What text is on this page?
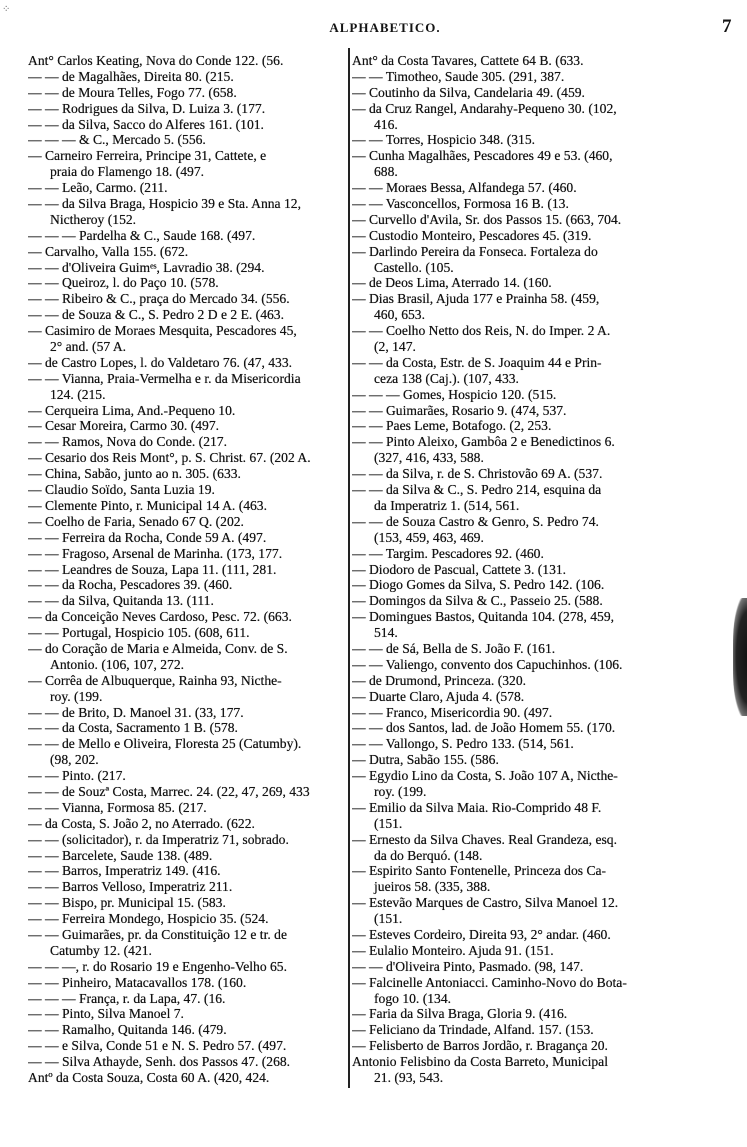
⁘
ALPHABETICO.	7
Ant° Carlos Keating, Nova do Conde 122. (56.
— — de Magalhães, Direita 80. (215.
— — de Moura Telles, Fogo 77. (658.
— — Rodrigues da Silva, D. Luiza 3. (177.
— — da Silva, Sacco do Alferes 161. (101.
— — — & C., Mercado 5. (556.
— Carneiro Ferreira, Principe 31, Cattete, e
praia do Flamengo 18. (497.
— — Leão, Carmo. (211.
— — da Silva Braga, Hospicio 39 e Sta. Anna 12,
Nictheroy (152.
— — — Pardelha & C., Saude 168. (497.
— Carvalho, Valla 155. (672.
— — d'Oliveira Guimᵉˢ, Lavradio 38. (294.
— — Queiroz, l. do Paço 10. (578.
— — Ribeiro & C., praça do Mercado 34. (556.
— — de Souza & C., S. Pedro 2 D e 2 E. (463.
— Casimiro de Moraes Mesquita, Pescadores 45,
2° and. (57 A.
— de Castro Lopes, l. do Valdetaro 76. (47, 433.
— — Vianna, Praia-Vermelha e r. da Misericordia
124. (215.
— Cerqueira Lima, And.-Pequeno 10.
— Cesar Moreira, Carmo 30. (497.
— — Ramos, Nova do Conde. (217.
— Cesario dos Reis Mont°, p. S. Christ. 67. (202 A.
— China, Sabão, junto ao n. 305. (633.
— Claudio Soïdo, Santa Luzia 19.
— Clemente Pinto, r. Municipal 14 A. (463.
— Coelho de Faria, Senado 67 Q. (202.
— — Ferreira da Rocha, Conde 59 A. (497.
— — Fragoso, Arsenal de Marinha. (173, 177.
— — Leandres de Souza, Lapa 11. (111, 281.
— — da Rocha, Pescadores 39. (460.
— — da Silva, Quitanda 13. (111.
— da Conceição Neves Cardoso, Pesc. 72. (663.
— — Portugal, Hospicio 105. (608, 611.
— do Coração de Maria e Almeida, Conv. de S.
Antonio. (106, 107, 272.
— Corrêa de Albuquerque, Rainha 93, Nicthe-
roy. (199.
— — de Brito, D. Manoel 31. (33, 177.
— — da Costa, Sacramento 1 B. (578.
— — de Mello e Oliveira, Floresta 25 (Catumby).
(98, 202.
— — Pinto. (217.
— — de Souzª Costa, Marrec. 24. (22, 47, 269, 433
— — Vianna, Formosa 85. (217.
— da Costa, S. João 2, no Aterrado. (622.
— — (solicitador), r. da Imperatriz 71, sobrado.
— — Barcelete, Saude 138. (489.
— — Barros, Imperatriz 149. (416.
— — Barros Velloso, Imperatriz 211.
— — Bispo, pr. Municipal 15. (583.
— — Ferreira Mondego, Hospicio 35. (524.
— — Guimarães, pr. da Constituição 12 e tr. de
Catumby 12. (421.
— — —, r. do Rosario 19 e Engenho-Velho 65.
— — Pinheiro, Matacavallos 178. (160.
— — — França, r. da Lapa, 47. (16.
— — Pinto, Silva Manoel 7.
— — Ramalho, Quitanda 146. (479.
— — e Silva, Conde 51 e N. S. Pedro 57. (497.
— — Silva Athayde, Senh. dos Passos 47. (268.
Antº da Costa Souza, Costa 60 A. (420, 424.
Ant° da Costa Tavares, Cattete 64 B. (633.
— — Timotheo, Saude 305. (291, 387.
— Coutinho da Silva, Candelaria 49. (459.
— da Cruz Rangel, Andarahy-Pequeno 30. (102,
416.
— — Torres, Hospicio 348. (315.
— Cunha Magalhães, Pescadores 49 e 53. (460,
688.
— — Moraes Bessa, Alfandega 57. (460.
— — Vasconcellos, Formosa 16 B. (13.
— Curvello d'Avila, Sr. dos Passos 15. (663, 704.
— Custodio Monteiro, Pescadores 45. (319.
— Darlindo Pereira da Fonseca. Fortaleza do
Castello. (105.
— de Deos Lima, Aterrado 14. (160.
— Dias Brasil, Ajuda 177 e Prainha 58. (459,
460, 653.
— — Coelho Netto dos Reis, N. do Imper. 2 A.
(2, 147.
— — da Costa, Estr. de S. Joaquim 44 e Prin-
ceza 138 (Caj.). (107, 433.
— — — Gomes, Hospicio 120. (515.
— — Guimarães, Rosario 9. (474, 537.
— — Paes Leme, Botafogo. (2, 253.
— — Pinto Aleixo, Gambôa 2 e Benedictinos 6.
(327, 416, 433, 588.
— — da Silva, r. de S. Christovão 69 A. (537.
— — da Silva & C., S. Pedro 214, esquina da
da Imperatriz 1. (514, 561.
— — de Souza Castro & Genro, S. Pedro 74.
(153, 459, 463, 469.
— — Targim. Pescadores 92. (460.
— Diodoro de Pascual, Cattete 3. (131.
— Diogo Gomes da Silva, S. Pedro 142. (106.
— Domingos da Silva & C., Passeio 25. (588.
— Domingues Bastos, Quitanda 104. (278, 459,
514.
— — de Sá, Bella de S. João F. (161.
— — Valiengo, convento dos Capuchinhos. (106.
— de Drumond, Princeza. (320.
— Duarte Claro, Ajuda 4. (578.
— — Franco, Misericordia 90. (497.
— — dos Santos, lad. de João Homem 55. (170.
— — Vallongo, S. Pedro 133. (514, 561.
— Dutra, Sabão 155. (586.
— Egydio Lino da Costa, S. João 107 A, Nicthe-
roy. (199.
— Emilio da Silva Maia. Rio-Comprido 48 F.
(151.
— Ernesto da Silva Chaves. Real Grandeza, esq.
da do Berquó. (148.
— Espirito Santo Fontenelle, Princeza dos Ca-
jueiros 58. (335, 388.
— Estevão Marques de Castro, Silva Manoel 12.
(151.
— Esteves Cordeiro, Direita 93, 2° andar. (460.
— Eulalio Monteiro. Ajuda 91. (151.
— — d'Oliveira Pinto, Pasmado. (98, 147.
— Falcinelle Antoniacci. Caminho-Novo do Bota-
fogo 10. (134.
— Faria da Silva Braga, Gloria 9. (416.
— Feliciano da Trindade, Alfand. 157. (153.
— Felisberto de Barros Jordão, r. Bragança 20.
Antonio Felisbino da Costa Barreto, Municipal
21. (93, 543.
